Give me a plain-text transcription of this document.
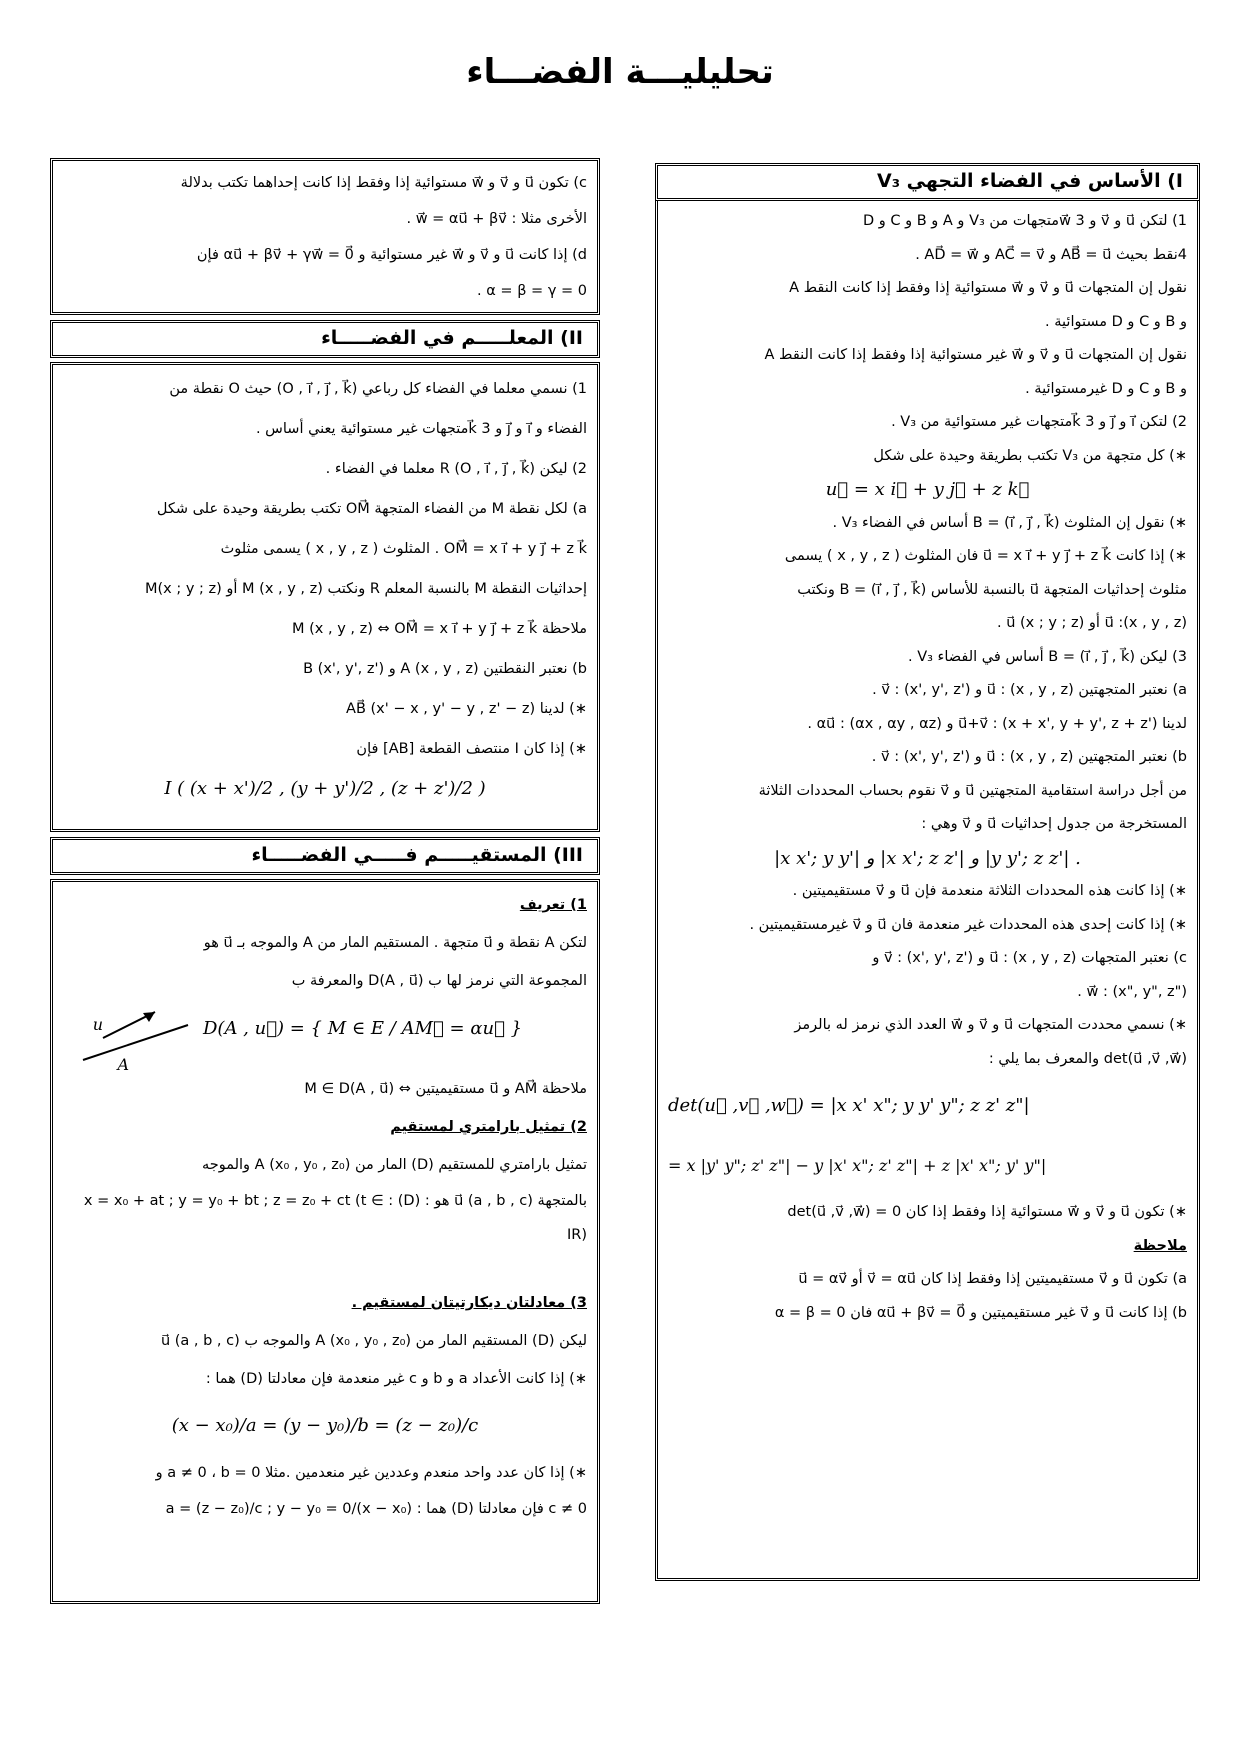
تحليليـــة الفضـــاء
I) الأساس في الفضاء التجهي V₃
1) لتكن u⃗ و v⃗ و w⃗ 3متجهات من V₃ و A و B و C و D
4نقط بحيث AB⃗ = u⃗ و AC⃗ = v⃗ و AD⃗ = w⃗ .
نقول إن المتجهات u⃗ و v⃗ و w⃗ مستوائية إذا وفقط إذا كانت النقط A
و B و C و D مستوائية .
نقول إن المتجهات u⃗ و v⃗ و w⃗ غير مستوائية إذا وفقط إذا كانت النقط A
و B و C و D غيرمستوائية .
2) لتكن i⃗ و j⃗ و k⃗ 3متجهات غير مستوائية من V₃ .
∗) كل متجهة من V₃ تكتب بطريقة وحيدة على شكل
u⃗ = x i⃗ + y j⃗ + z k⃗
∗) نقول إن المثلوث B = (i⃗ , j⃗ , k⃗) أساس في الفضاء V₃ .
∗) إذا كانت u⃗ = x i⃗ + y j⃗ + z k⃗ فان المثلوث ( x , y , z ) يسمى
مثلوث إحداثيات المتجهة u⃗ بالنسبة للأساس B = (i⃗ , j⃗ , k⃗) ونكتب
u⃗ :(x , y , z) أو u⃗ (x ; y ; z) .
3) ليكن B = (i⃗ , j⃗ , k⃗) أساس في الفضاء V₃ .
a) نعتبر المتجهتين u⃗ : (x , y , z) و v⃗ : (x', y', z') .
لدينا u⃗+v⃗ : (x + x', y + y', z + z') و αu⃗ : (αx , αy , αz) .
b) نعتبر المتجهتين u⃗ : (x , y , z) و v⃗ : (x', y', z') .
من أجل دراسة استقامية المتجهتين u⃗ و v⃗ نقوم بحساب المحددات الثلاثة
المستخرجة من جدول إحداثيات u⃗ و v⃗ وهي :
|x x'; y y'| و |x x'; z z'| و |y y'; z z'| .
∗) إذا كانت هذه المحددات الثلاثة منعدمة فإن u⃗ و v⃗ مستقيميتين .
∗) إذا كانت إحدى هذه المحددات غير منعدمة فان u⃗ و v⃗ غيرمستقيميتين .
c) نعتبر المتجهات u⃗ : (x , y , z) و v⃗ : (x', y', z') و
w⃗ : (x", y", z") .
∗) نسمي محددت المتجهات u⃗ و v⃗ و w⃗ العدد الذي نرمز له بالرمز
det(u⃗ ,v⃗ ,w⃗) والمعرف بما يلي :
det(u⃗ ,v⃗ ,w⃗) = |x x' x"; y y' y"; z z' z"|
= x |y' y"; z' z"| − y |x' x"; z' z"| + z |x' x"; y' y"|
∗) تكون u⃗ و v⃗ و w⃗ مستوائية إذا وفقط إذا كان det(u⃗ ,v⃗ ,w⃗) = 0
ملاحظة
a) تكون u⃗ و v⃗ مستقيميتين إذا وفقط إذا كان v⃗ = αu⃗ أو u⃗ = αv⃗
b) إذا كانت u⃗ و v⃗ غير مستقيميتين و αu⃗ + βv⃗ = 0⃗ فان α = β = 0
c) تكون u⃗ و v⃗ و w⃗ مستوائية إذا وفقط إذا كانت إحداهما تكتب بدلالة
الأخرى مثلا : w⃗ = αu⃗ + βv⃗ .
d) إذا كانت u⃗ و v⃗ و w⃗ غير مستوائية و αu⃗ + βv⃗ + γw⃗ = 0⃗ فإن
α = β = γ = 0 .
II) المعلـــــم في الفضـــــاء
1) نسمي معلما في الفضاء كل رباعي (O , i⃗ , j⃗ , k⃗) حيث O نقطة من
الفضاء و i⃗ و j⃗ و k⃗ 3متجهات غير مستوائية يعني أساس .
2) ليكن R (O , i⃗ , j⃗ , k⃗) معلما في الفضاء .
a) لكل نقطة M من الفضاء المتجهة OM⃗ تكتب بطريقة وحيدة على شكل
OM⃗ = x i⃗ + y j⃗ + z k⃗ . المثلوث ( x , y , z ) يسمى مثلوث
إحداثيات النقطة M بالنسبة المعلم R ونكتب M (x , y , z) أو M(x ; y ; z)
ملاحظة M (x , y , z) ⇔ OM⃗ = x i⃗ + y j⃗ + z k⃗
b) نعتبر النقطتين A (x , y , z) و B (x', y', z')
∗) لدينا AB⃗ (x' − x , y' − y , z' − z)
∗) إذا كان I منتصف القطعة [AB] فإن
I ( (x + x')/2 , (y + y')/2 , (z + z')/2 )
III) المستقيـــــم فـــــي الفضـــــاء
1) تعريف
لتكن A نقطة و u⃗ متجهة . المستقيم المار من A والموجه بـ u⃗ هو
المجموعة التي نرمز لها ب D(A , u⃗) والمعرفة ب
A
u	D(A , u⃗) = { M ∈ E / AM⃗ = αu⃗ }
ملاحظة AM⃗ و u⃗ مستقيميتين ⇔ M ∈ D(A , u⃗)
2) تمثيل بارامتري لمستقيم
تمثيل بارامتري للمستقيم (D) المار من A (x₀ , y₀ , z₀) والموجه
بالمتجهة u⃗ (a , b , c) هو : (D) : x = x₀ + at ; y = y₀ + bt ; z = z₀ + ct (t ∈ IR)
3) معادلتان ديكارتيتان لمستقيم .
ليكن (D) المستقيم المار من A (x₀ , y₀ , z₀) والموجه ب u⃗ (a , b , c)
∗) إذا كانت الأعداد a و b و c غير منعدمة فإن معادلتا (D) هما :
(x − x₀)/a = (y − y₀)/b = (z − z₀)/c
∗) إذا كان عدد واحد منعدم وعددين غير منعدمين .مثلا a ≠ 0 ، b = 0 و
c ≠ 0 فإن معادلتا (D) هما : (x − x₀)/a = (z − z₀)/c ; y − y₀ = 0
